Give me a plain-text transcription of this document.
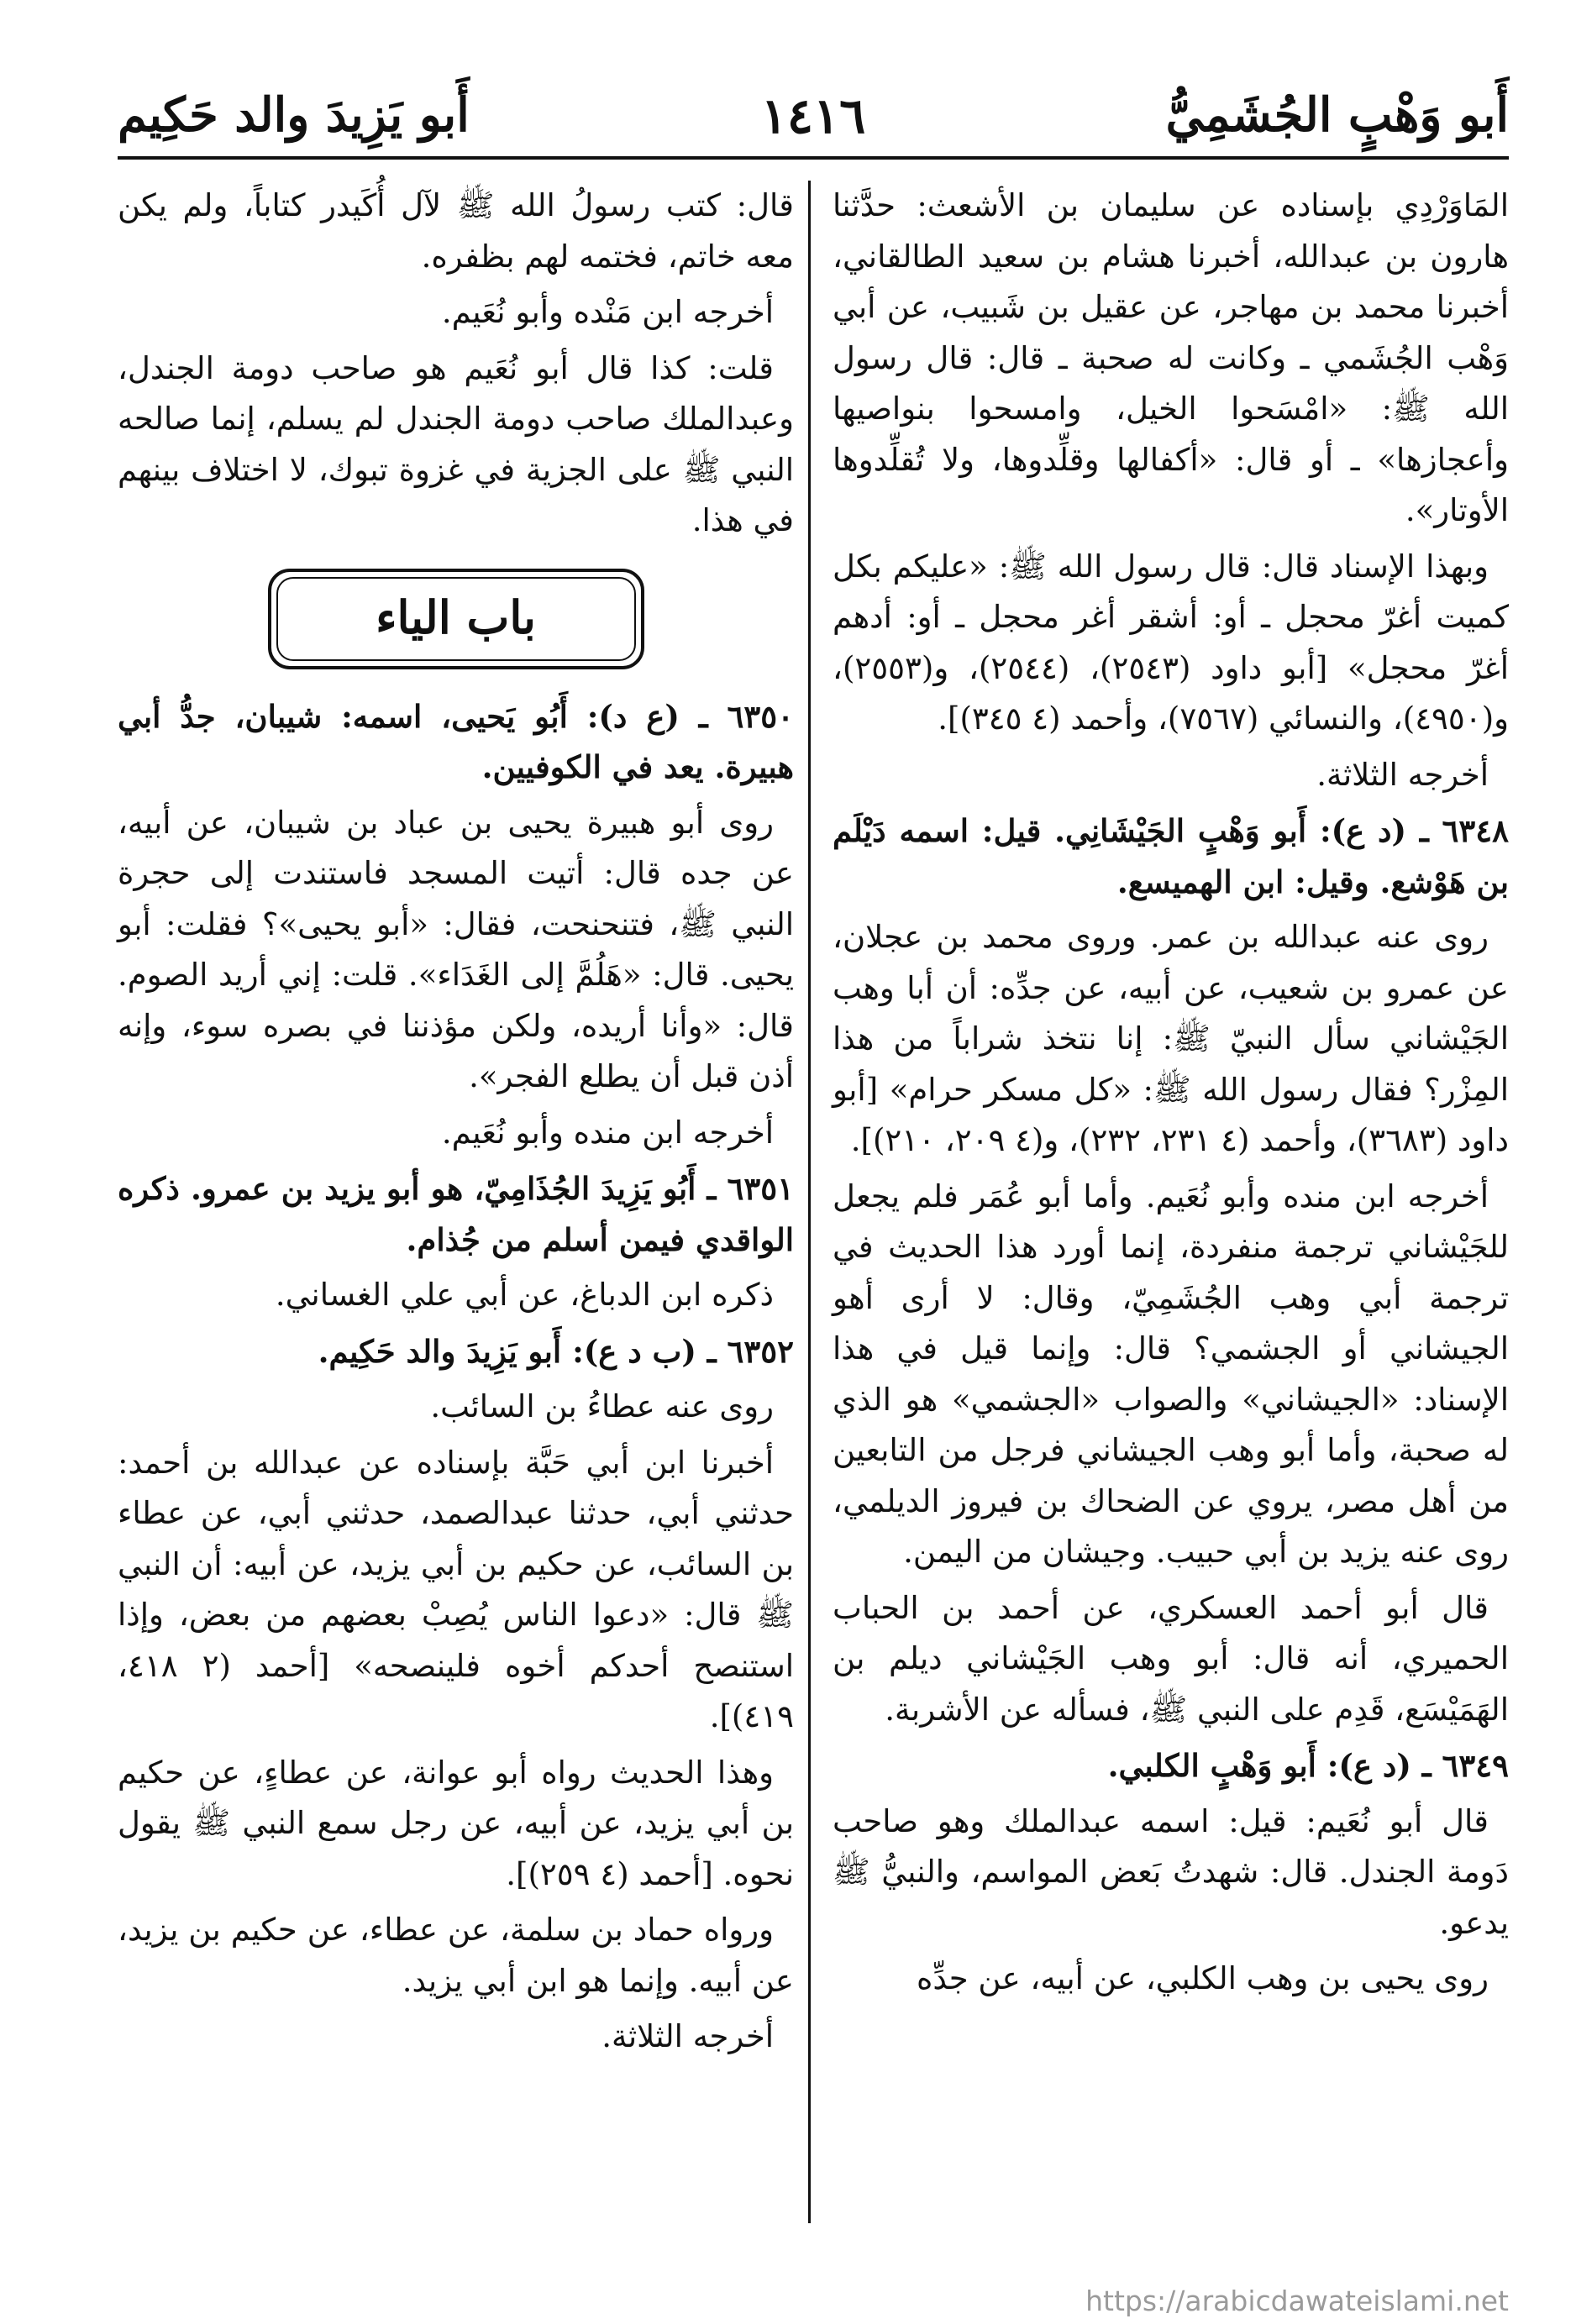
أَبو وَهْبٍ الجُشَمِيُّ
١٤١٦
أَبو يَزِيدَ والد حَكِيم

المَاوَرْدِي بإسناده عن سليمان بن الأشعث: حدَّثنا هارون بن عبدالله، أخبرنا هشام بن سعيد الطالقاني، أخبرنا محمد بن مهاجر، عن عقيل بن شَبيب، عن أبي وَهْب الجُشَمي ـ وكانت له صحبة ـ قال: قال رسول الله ﷺ: «امْسَحوا الخيل، وامسحوا بنواصيها وأعجازها» ـ أو قال: «أكفالها وقلِّدوها، ولا تُقلِّدوها الأوتار».

وبهذا الإسناد قال: قال رسول الله ﷺ: «عليكم بكل كميت أغرّ محجل ـ أو: أشقر أغر محجل ـ أو: أدهم أغرّ محجل» [أبو داود (٢٥٤٣)، (٢٥٤٤)، و(٢٥٥٣)، و(٤٩٥٠)، والنسائي (٧٥٦٧)، وأحمد (٤ ٣٤٥)].

أخرجه الثلاثة.

٦٣٤٨ ـ (د ع): أَبو وَهْبٍ الجَيْشَانِي. قيل: اسمه دَيْلَم بن هَوْشع. وقيل: ابن الهميسع.

روى عنه عبدالله بن عمر. وروى محمد بن عجلان، عن عمرو بن شعيب، عن أبيه، عن جدِّه: أن أبا وهب الجَيْشاني سأل النبيّ ﷺ: إنا نتخذ شراباً من هذا المِزْر؟ فقال رسول الله ﷺ: «كل مسكر حرام» [أبو داود (٣٦٨٣)، وأحمد (٤ ٢٣١، ٢٣٢)، و(٤ ٢٠٩، ٢١٠)].

أخرجه ابن منده وأبو نُعَيم. وأما أبو عُمَر فلم يجعل للجَيْشاني ترجمة منفردة، إنما أورد هذا الحديث في ترجمة أبي وهب الجُشَمِيّ، وقال: لا أرى أهو الجيشاني أو الجشمي؟ قال: وإنما قيل في هذا الإسناد: «الجيشاني» والصواب «الجشمي» هو الذي له صحبة، وأما أبو وهب الجيشاني فرجل من التابعين من أهل مصر، يروي عن الضحاك بن فيروز الديلمي، روى عنه يزيد بن أبي حبيب. وجيشان من اليمن.

قال أبو أحمد العسكري، عن أحمد بن الحباب الحميري، أنه قال: أبو وهب الجَيْشاني ديلم بن الهَمَيْسَع، قَدِم على النبي ﷺ، فسأله عن الأشربة.

٦٣٤٩ ـ (د ع): أَبو وَهْبٍ الكلبي.

قال أبو نُعَيم: قيل: اسمه عبدالملك وهو صاحب دَومة الجندل. قال: شهدتُ بَعض المواسم، والنبيُّ ﷺ يدعو.

روى يحيى بن وهب الكلبي، عن أبيه، عن جدِّه

قال: كتب رسولُ الله ﷺ لآل أُكَيدر كتاباً، ولم يكن معه خاتم، فختمه لهم بظفره.

أخرجه ابن مَنْده وأبو نُعَيم.

قلت: كذا قال أبو نُعَيم هو صاحب دومة الجندل، وعبدالملك صاحب دومة الجندل لم يسلم، إنما صالحه النبي ﷺ على الجزية في غزوة تبوك، لا اختلاف بينهم في هذا.

باب الياء

٦٣٥٠ ـ (ع د): أَبُو يَحيى، اسمه: شيبان، جدُّ أبي هبيرة. يعد في الكوفيين.

روى أبو هبيرة يحيى بن عباد بن شيبان، عن أبيه، عن جده قال: أتيت المسجد فاستندت إلى حجرة النبي ﷺ، فتنحنحت، فقال: «أبو يحيى»؟ فقلت: أبو يحيى. قال: «هَلُمَّ إلى الغَدَاء». قلت: إني أريد الصوم. قال: «وأنا أريده، ولكن مؤذننا في بصره سوء، وإنه أذن قبل أن يطلع الفجر».

أخرجه ابن منده وأبو نُعَيم.

٦٣٥١ ـ أَبُو يَزِيدَ الجُذَامِيّ، هو أبو يزيد بن عمرو. ذكره الواقدي فيمن أسلم من جُذام.

ذكره ابن الدباغ، عن أبي علي الغساني.

٦٣٥٢ ـ (ب د ع): أَبو يَزِيدَ والد حَكِيم.

روى عنه عطاءُ بن السائب.

أخبرنا ابن أبي حَبَّة بإسناده عن عبدالله بن أحمد: حدثني أبي، حدثنا عبدالصمد، حدثني أبي، عن عطاء بن السائب، عن حكيم بن أبي يزيد، عن أبيه: أن النبي ﷺ قال: «دعوا الناس يُصِبْ بعضهم من بعض، وإذا استنصح أحدكم أخوه فلينصحه» [أحمد (٢ ٤١٨، ٤١٩)].

وهذا الحديث رواه أبو عوانة، عن عطاءٍ، عن حكيم بن أبي يزيد، عن أبيه، عن رجل سمع النبي ﷺ يقول نحوه. [أحمد (٤ ٢٥٩)].

ورواه حماد بن سلمة، عن عطاء، عن حكيم بن يزيد، عن أبيه. وإنما هو ابن أبي يزيد.

أخرجه الثلاثة.

https://arabicdawateislami.net
